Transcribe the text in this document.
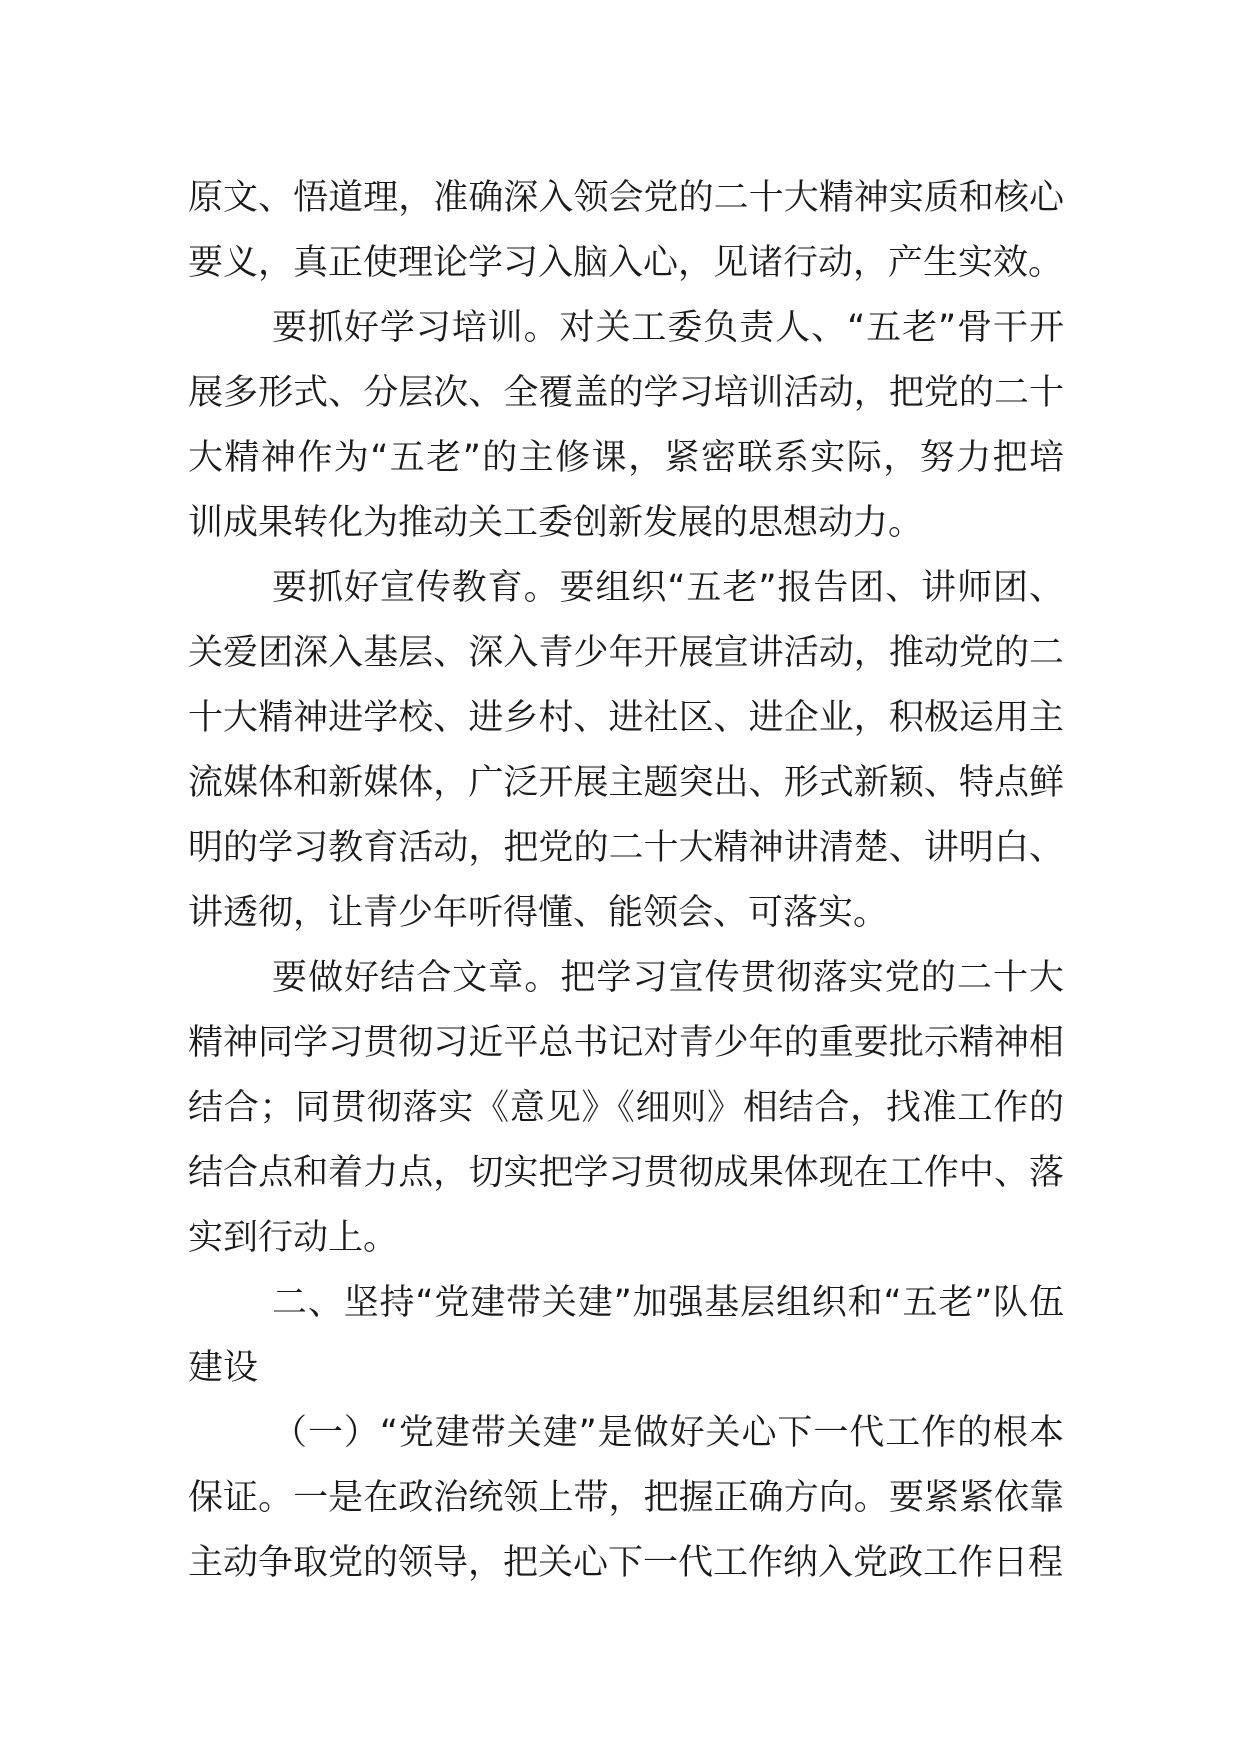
原文、悟道理，准确深入领会党的二十大精神实质和核心要义，真正使理论学习入脑入心，见诸行动，产生实效。

要抓好学习培训。对关工委负责人、“五老”骨干开展多形式、分层次、全覆盖的学习培训活动，把党的二十大精神作为“五老”的主修课，紧密联系实际，努力把培训成果转化为推动关工委创新发展的思想动力。

要抓好宣传教育。要组织“五老”报告团、讲师团、关爱团深入基层、深入青少年开展宣讲活动，推动党的二十大精神进学校、进乡村、进社区、进企业，积极运用主流媒体和新媒体，广泛开展主题突出、形式新颖、特点鲜明的学习教育活动，把党的二十大精神讲清楚、讲明白、讲透彻，让青少年听得懂、能领会、可落实。

要做好结合文章。把学习宣传贯彻落实党的二十大精神同学习贯彻习近平总书记对青少年的重要批示精神相结合；同贯彻落实《意见》《细则》相结合，找准工作的结合点和着力点，切实把学习贯彻成果体现在工作中、落实到行动上。

二、坚持“党建带关建”加强基层组织和“五老”队伍建设

（一）“党建带关建”是做好关心下一代工作的根本保证。一是在政治统领上带，把握正确方向。要紧紧依靠主动争取党的领导，把关心下一代工作纳入党政工作日程
